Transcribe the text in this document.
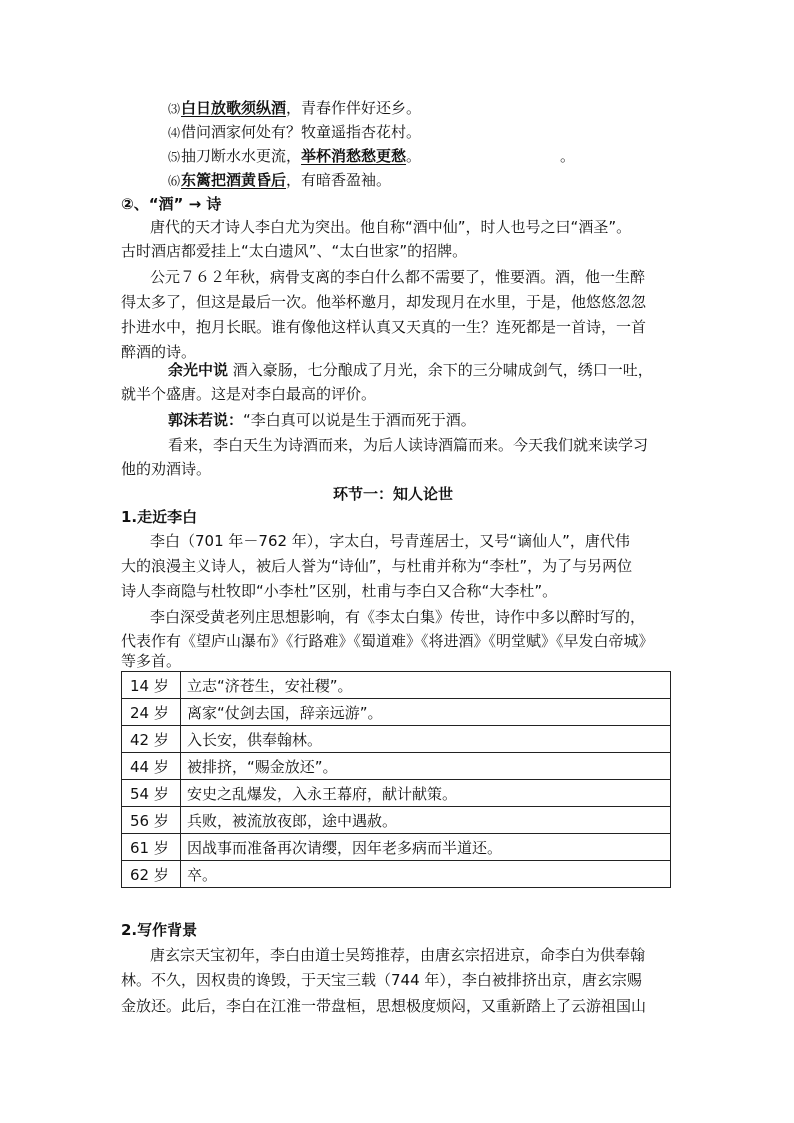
⑶白日放歌须纵酒，青春作伴好还乡。
⑷借问酒家何处有？牧童遥指杏花村。
⑸抽刀断水水更流，举杯消愁愁更愁。	。
⑹东篱把酒黄昏后，有暗香盈袖。
②、“酒” → 诗
唐代的天才诗人李白尤为突出。他自称“酒中仙”，时人也号之曰“酒圣”。
古时酒店都爱挂上“太白遗风”、“太白世家”的招牌。
公元７６２年秋，病骨支离的李白什么都不需要了，惟要酒。酒，他一生醉
得太多了，但这是最后一次。他举杯邀月，却发现月在水里，于是，他悠悠忽忽
扑进水中，抱月长眠。谁有像他这样认真又天真的一生？连死都是一首诗，一首
醉酒的诗。
余光中说 酒入豪肠，七分酿成了月光，余下的三分啸成剑气，绣口一吐，
就半个盛唐。这是对李白最高的评价。
郭沫若说：“李白真可以说是生于酒而死于酒。
看来，李白天生为诗酒而来，为后人读诗酒篇而来。今天我们就来读学习
他的劝酒诗。
环节一：知人论世
1.走近李白
李白（701 年－762 年），字太白，号青莲居士，又号“谪仙人”，唐代伟
大的浪漫主义诗人，被后人誉为“诗仙”，与杜甫并称为“李杜”，为了与另两位
诗人李商隐与杜牧即“小李杜”区别，杜甫与李白又合称“大李杜”。
李白深受黄老列庄思想影响，有《李太白集》传世，诗作中多以醉时写的，
代表作有《望庐山瀑布》《行路难》《蜀道难》《将进酒》《明堂赋》《早发白帝城》
等多首。
14 岁	立志“济苍生，安社稷”。
24 岁	离家“仗剑去国，辞亲远游”。
42 岁	入长安，供奉翰林。
44 岁	被排挤，“赐金放还”。
54 岁	安史之乱爆发，入永王幕府，献计献策。
56 岁	兵败，被流放夜郎，途中遇赦。
61 岁	因战事而准备再次请缨，因年老多病而半道还。
62 岁	卒。
2.写作背景
唐玄宗天宝初年，李白由道士吴筠推荐，由唐玄宗招进京，命李白为供奉翰
林。不久，因权贵的谗毁，于天宝三载（744 年），李白被排挤出京，唐玄宗赐
金放还。此后，李白在江淮一带盘桓，思想极度烦闷，又重新踏上了云游祖国山
